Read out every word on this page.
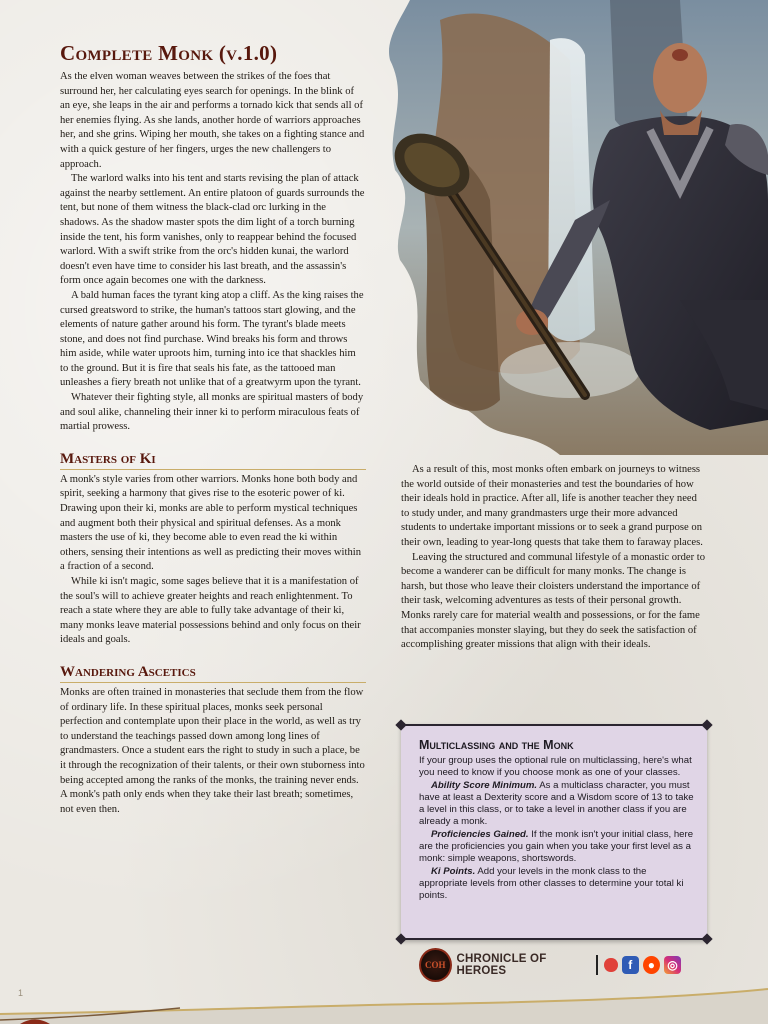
Complete Monk (v.1.0)

As the elven woman weaves between the strikes of the foes that surround her, her calculating eyes search for openings. In the blink of an eye, she leaps in the air and performs a tornado kick that sends all of her enemies flying. As she lands, another horde of warriors approaches her, and she grins. Wiping her mouth, she takes on a fighting stance and with a quick gesture of her fingers, urges the new challengers to approach.

The warlord walks into his tent and starts revising the plan of attack against the nearby settlement. An entire platoon of guards surrounds the tent, but none of them witness the black-clad orc lurking in the shadows. As the shadow master spots the dim light of a torch burning inside the tent, his form vanishes, only to reappear behind the focused warlord. With a swift strike from the orc's hidden kunai, the warlord doesn't even have time to consider his last breath, and the assassin's form once again becomes one with the darkness.

A bald human faces the tyrant king atop a cliff. As the king raises the cursed greatsword to strike, the human's tattoos start glowing, and the elements of nature gather around his form. The tyrant's blade meets stone, and does not find purchase. Wind breaks his form and throws him aside, while water uproots him, turning into ice that shackles him to the ground. But it is fire that seals his fate, as the tattooed man unleashes a fiery breath not unlike that of a greatwyrm upon the tyrant.

Whatever their fighting style, all monks are spiritual masters of body and soul alike, channeling their inner ki to perform miraculous feats of martial prowess.

Masters of Ki

A monk's style varies from other warriors. Monks hone both body and spirit, seeking a harmony that gives rise to the esoteric power of ki. Drawing upon their ki, monks are able to perform mystical techniques and augment both their physical and spiritual defenses. As a monk masters the use of ki, they become able to even read the ki within others, sensing their intentions as well as predicting their moves within a fraction of a second.

While ki isn't magic, some sages believe that it is a manifestation of the soul's will to achieve greater heights and reach enlightenment. To reach a state where they are able to fully take advantage of their ki, many monks leave material possessions behind and only focus on their ideals and goals.

Wandering Ascetics

Monks are often trained in monasteries that seclude them from the flow of ordinary life. In these spiritual places, monks seek personal perfection and contemplate upon their place in the world, as well as try to understand the teachings passed down among long lines of grandmasters. Once a student ears the right to study in such a place, be it through the recognization of their talents, or their own stuborness into being accepted among the ranks of the monks, the training never ends. A monk's path only ends when they take their last breath; sometimes, not even then.

As a result of this, most monks often embark on journeys to witness the world outside of their monasteries and test the boundaries of how their ideals hold in practice. After all, life is another teacher they need to study under, and many grandmasters urge their more advanced students to undertake important missions or to seek a grand purpose on their own, leading to year-long quests that take them to faraway places.

Leaving the structured and communal lifestyle of a monastic order to become a wanderer can be difficult for many monks. The change is harsh, but those who leave their cloisters understand the importance of their task, welcoming adventures as tests of their personal growth. Monks rarely care for material wealth and possessions, or for the fame that accompanies monster slaying, but they do seek the satisfaction of accomplishing greater missions that align with their ideals.

Multiclassing and the Monk

If your group uses the optional rule on multiclassing, here's what you need to know if you choose monk as one of your classes.

Ability Score Minimum. As a multiclass character, you must have at least a Dexterity score and a Wisdom score of 13 to take a level in this class, or to take a level in another class if you are already a monk.

Proficiencies Gained. If the monk isn't your initial class, here are the proficiencies you gain when you take your first level as a monk: simple weapons, shortswords.

Ki Points. Add your levels in the monk class to the appropriate levels from other classes to determine your total ki points.

COH CHRONICLE OF HEROES	f	●	◎
1
